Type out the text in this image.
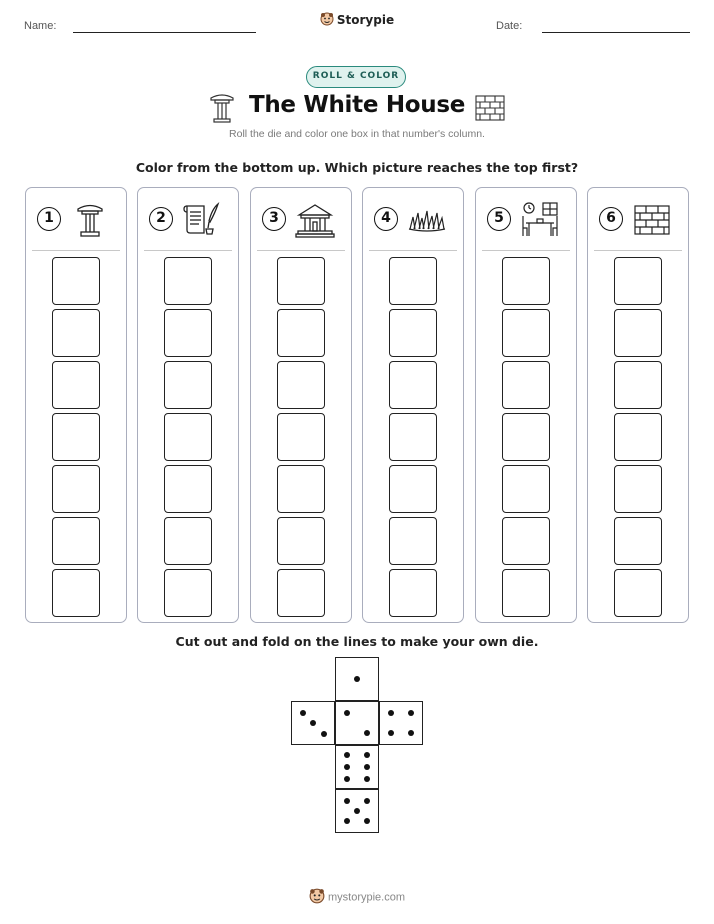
Name:	Storypie	Date:
ROLL & COLOR
The White House
Roll the die and color one box in that number's column.
Color from the bottom up. Which picture reaches the top first?
1	2	3	4	5	6
Cut out and fold on the lines to make your own die.
mystorypie.com
